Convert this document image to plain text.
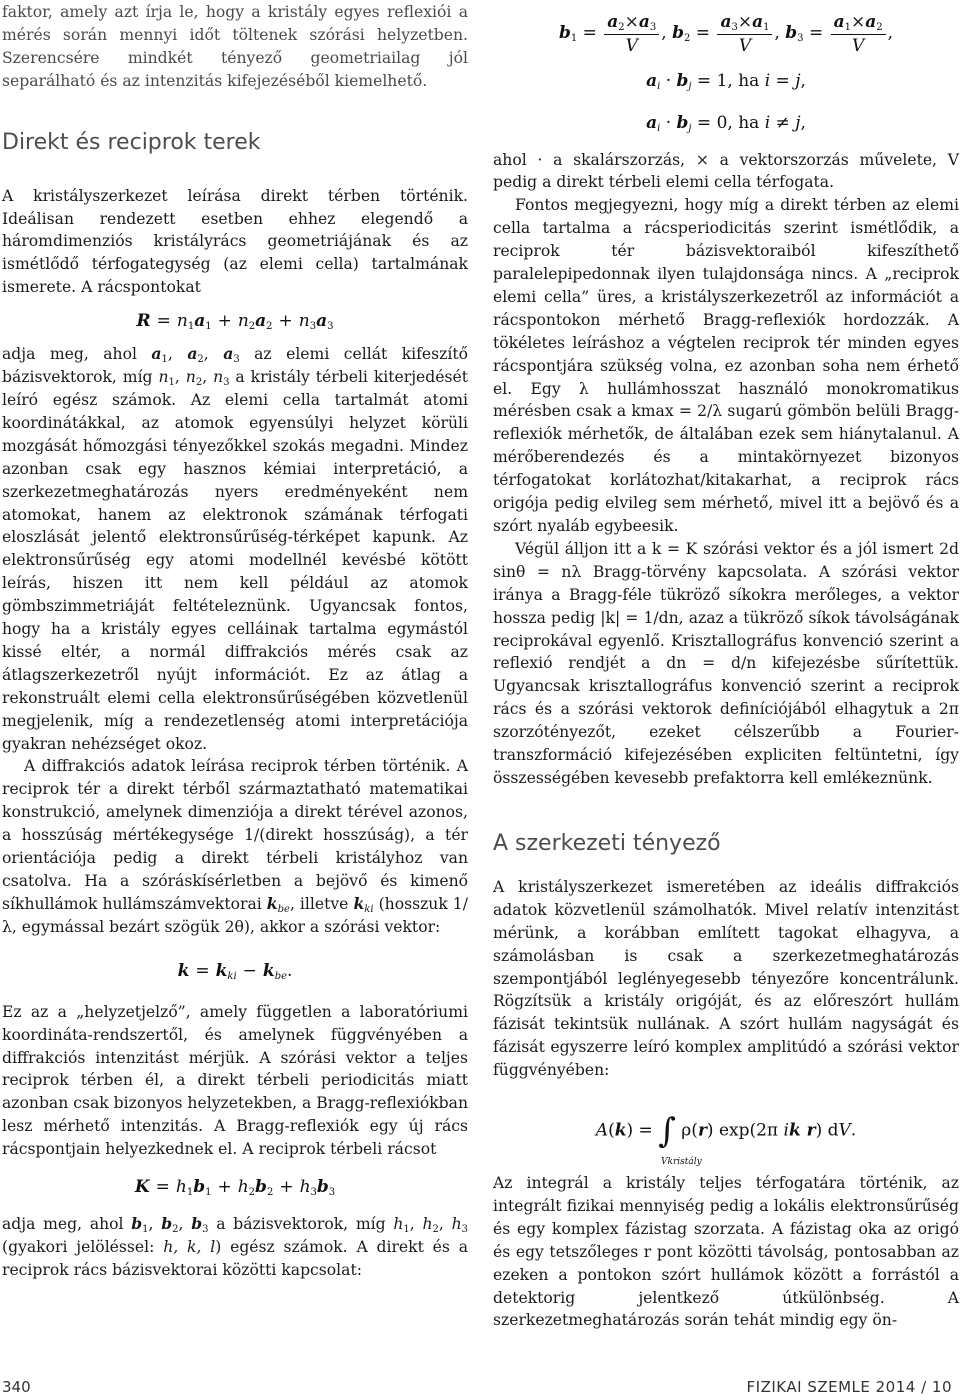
faktor, amely azt írja le, hogy a kristály egyes reflexiói a mérés során mennyi időt töltenek szórási helyzetben. Szerencsére mindkét tényező geometriailag jól separálható és az intenzitás kifejezéséből kiemelhető.

Direkt és reciprok terek

A kristályszerkezet leírása direkt térben történik. Ideálisan rendezett esetben ehhez elegendő a háromdimenziós kristályrács geometriájának és az ismétlődő térfogategység (az elemi cella) tartalmának ismerete. A rácspontokat

$R = n_1a_1 + n_2a_2 + n_3a_3$

adja meg, ahol $a_1$, $a_2$, $a_3$ az elemi cellát kifeszítő bázisvektorok, míg $n_1$, $n_2$, $n_3$ a kristály térbeli kiterjedését leíró egész számok. Az elemi cella tartalmát atomi koordinátákkal, az atomok egyensúlyi helyzet körüli mozgását hőmozgási tényezőkkel szokás megadni. Mindez azonban csak egy hasznos kémiai interpretáció, a szerkezetmeghatározás nyers eredményeként nem atomokat, hanem az elektronok számának térfogati eloszlását jelentő elektronsűrűség-térképet kapunk. Az elektronsűrűség egy atomi modellnél kevésbé kötött leírás, hiszen itt nem kell például az atomok gömbszimmetriáját feltételeznünk. Ugyancsak fontos, hogy ha a kristály egyes celláinak tartalma egymástól kissé eltér, a normál diffrakciós mérés csak az átlagszerkezetről nyújt információt. Ez az átlag a rekonstruált elemi cella elektronsűrűségében közvetlenül megjelenik, míg a rendezetlenség atomi interpretációja gyakran nehézséget okoz.

A diffrakciós adatok leírása reciprok térben történik. A reciprok tér a direkt térből származtatható matematikai konstrukció, amelynek dimenziója a direkt térével azonos, a hosszúság mértékegysége 1/(direkt hosszúság), a tér orientációja pedig a direkt térbeli kristályhoz van csatolva. Ha a szóráskísérletben a bejövő és kimenő síkhullámok hullámszámvektorai $k_{be}$, illetve $k_{ki}$ (hosszuk 1/λ, egymással bezárt szögük 2θ), akkor a szórási vektor:

$k = k_{ki} - k_{be}$.

Ez az a „helyzetjelző”, amely független a laboratóriumi koordináta-rendszertől, és amelynek függvényében a diffrakciós intenzitást mérjük. A szórási vektor a teljes reciprok térben él, a direkt térbeli periodicitás miatt azonban csak bizonyos helyzetekben, a Bragg-reflexiókban lesz mérhető intenzitás. A Bragg-reflexiók egy új rács rácspontjain helyezkednek el. A reciprok térbeli rácsot

$K = h_1b_1 + h_2b_2 + h_3b_3$

adja meg, ahol $b_1$, $b_2$, $b_3$ a bázisvektorok, míg $h_1$, $h_2$, $h_3$ (gyakori jelöléssel: h, k, l) egész számok. A direkt és a reciprok rács bázisvektorai közötti kapcsolat:

$b_1 = \frac{a_2\times a_3}{V}$ , $b_2 = \frac{a_3\times a_1}{V}$ , $b_3 = \frac{a_1\times a_2}{V}$ ,
$a_i \cdot b_j = 1$, ha i = j,
$a_i \cdot b_j = 0$, ha i ≠ j,

ahol · a skalárszorzás, × a vektorszorzás művelete, V pedig a direkt térbeli elemi cella térfogata.

Fontos megjegyezni, hogy míg a direkt térben az elemi cella tartalma a rácsperiodicitás szerint ismétlődik, a reciprok tér bázisvektoraiból kifeszíthető paralelepipedonnak ilyen tulajdonsága nincs. A „reciprok elemi cella” üres, a kristályszerkezetről az információt a rácspontokon mérhető Bragg-reflexiók hordozzák. A tökéletes leíráshoz a végtelen reciprok tér minden egyes rácspontjára szükség volna, ez azonban soha nem érhető el. Egy λ hullámhosszat használó monokromatikus mérésben csak a kmax = 2/λ sugarú gömbön belüli Bragg-reflexiók mérhetők, de általában ezek sem hiánytalanul. A mérőberendezés és a mintakörnyezet bizonyos térfogatokat korlátozhat/kitakarhat, a reciprok rács origója pedig elvileg sem mérhető, mivel itt a bejövő és a szórt nyaláb egybeesik.

Végül álljon itt a k = K szórási vektor és a jól ismert 2d sinθ = nλ Bragg-törvény kapcsolata. A szórási vektor iránya a Bragg-féle tükröző síkokra merőleges, a vektor hossza pedig |k| = 1/dn, azaz a tükröző síkok távolságának reciprokával egyenlő. Krisztallográfus konvenció szerint a reflexió rendjét a dn = d/n kifejezésbe sűrítettük. Ugyancsak krisztallográfus konvenció szerint a reciprok rács és a szórási vektorok definíciójából elhagytuk a 2π szorzótényezőt, ezeket célszerűbb a Fourier-transzformáció kifejezésében expliciten feltüntetni, így összességében kevesebb prefaktorra kell emlékeznünk.

A szerkezeti tényező

A kristályszerkezet ismeretében az ideális diffrakciós adatok közvetlenül számolhatók. Mivel relatív intenzitást mérünk, a korábban említett tagokat elhagyva, a számolásban is csak a szerkezetmeghatározás szempontjából leglényegesebb tényezőre koncentrálunk. Rögzítsük a kristály origóját, és az előreszórt hullám fázisát tekintsük nullának. A szórt hullám nagyságát és fázisát egyszerre leíró komplex amplitúdó a szórási vektor függvényében:

A(k) = ∫ ρ(r) exp(2π ik r) dV.
Vkristály

Az integrál a kristály teljes térfogatára történik, az integrált fizikai mennyiség pedig a lokális elektronsűrűség és egy komplex fázistag szorzata. A fázistag oka az origó és egy tetszőleges r pont közötti távolság, pontosabban az ezeken a pontokon szórt hullámok között a forrástól a detektorig jelentkező útkülönbség. A szerkezetmeghatározás során tehát mindig egy ön-

340	FIZIKAI SZEMLE 2014 / 10
